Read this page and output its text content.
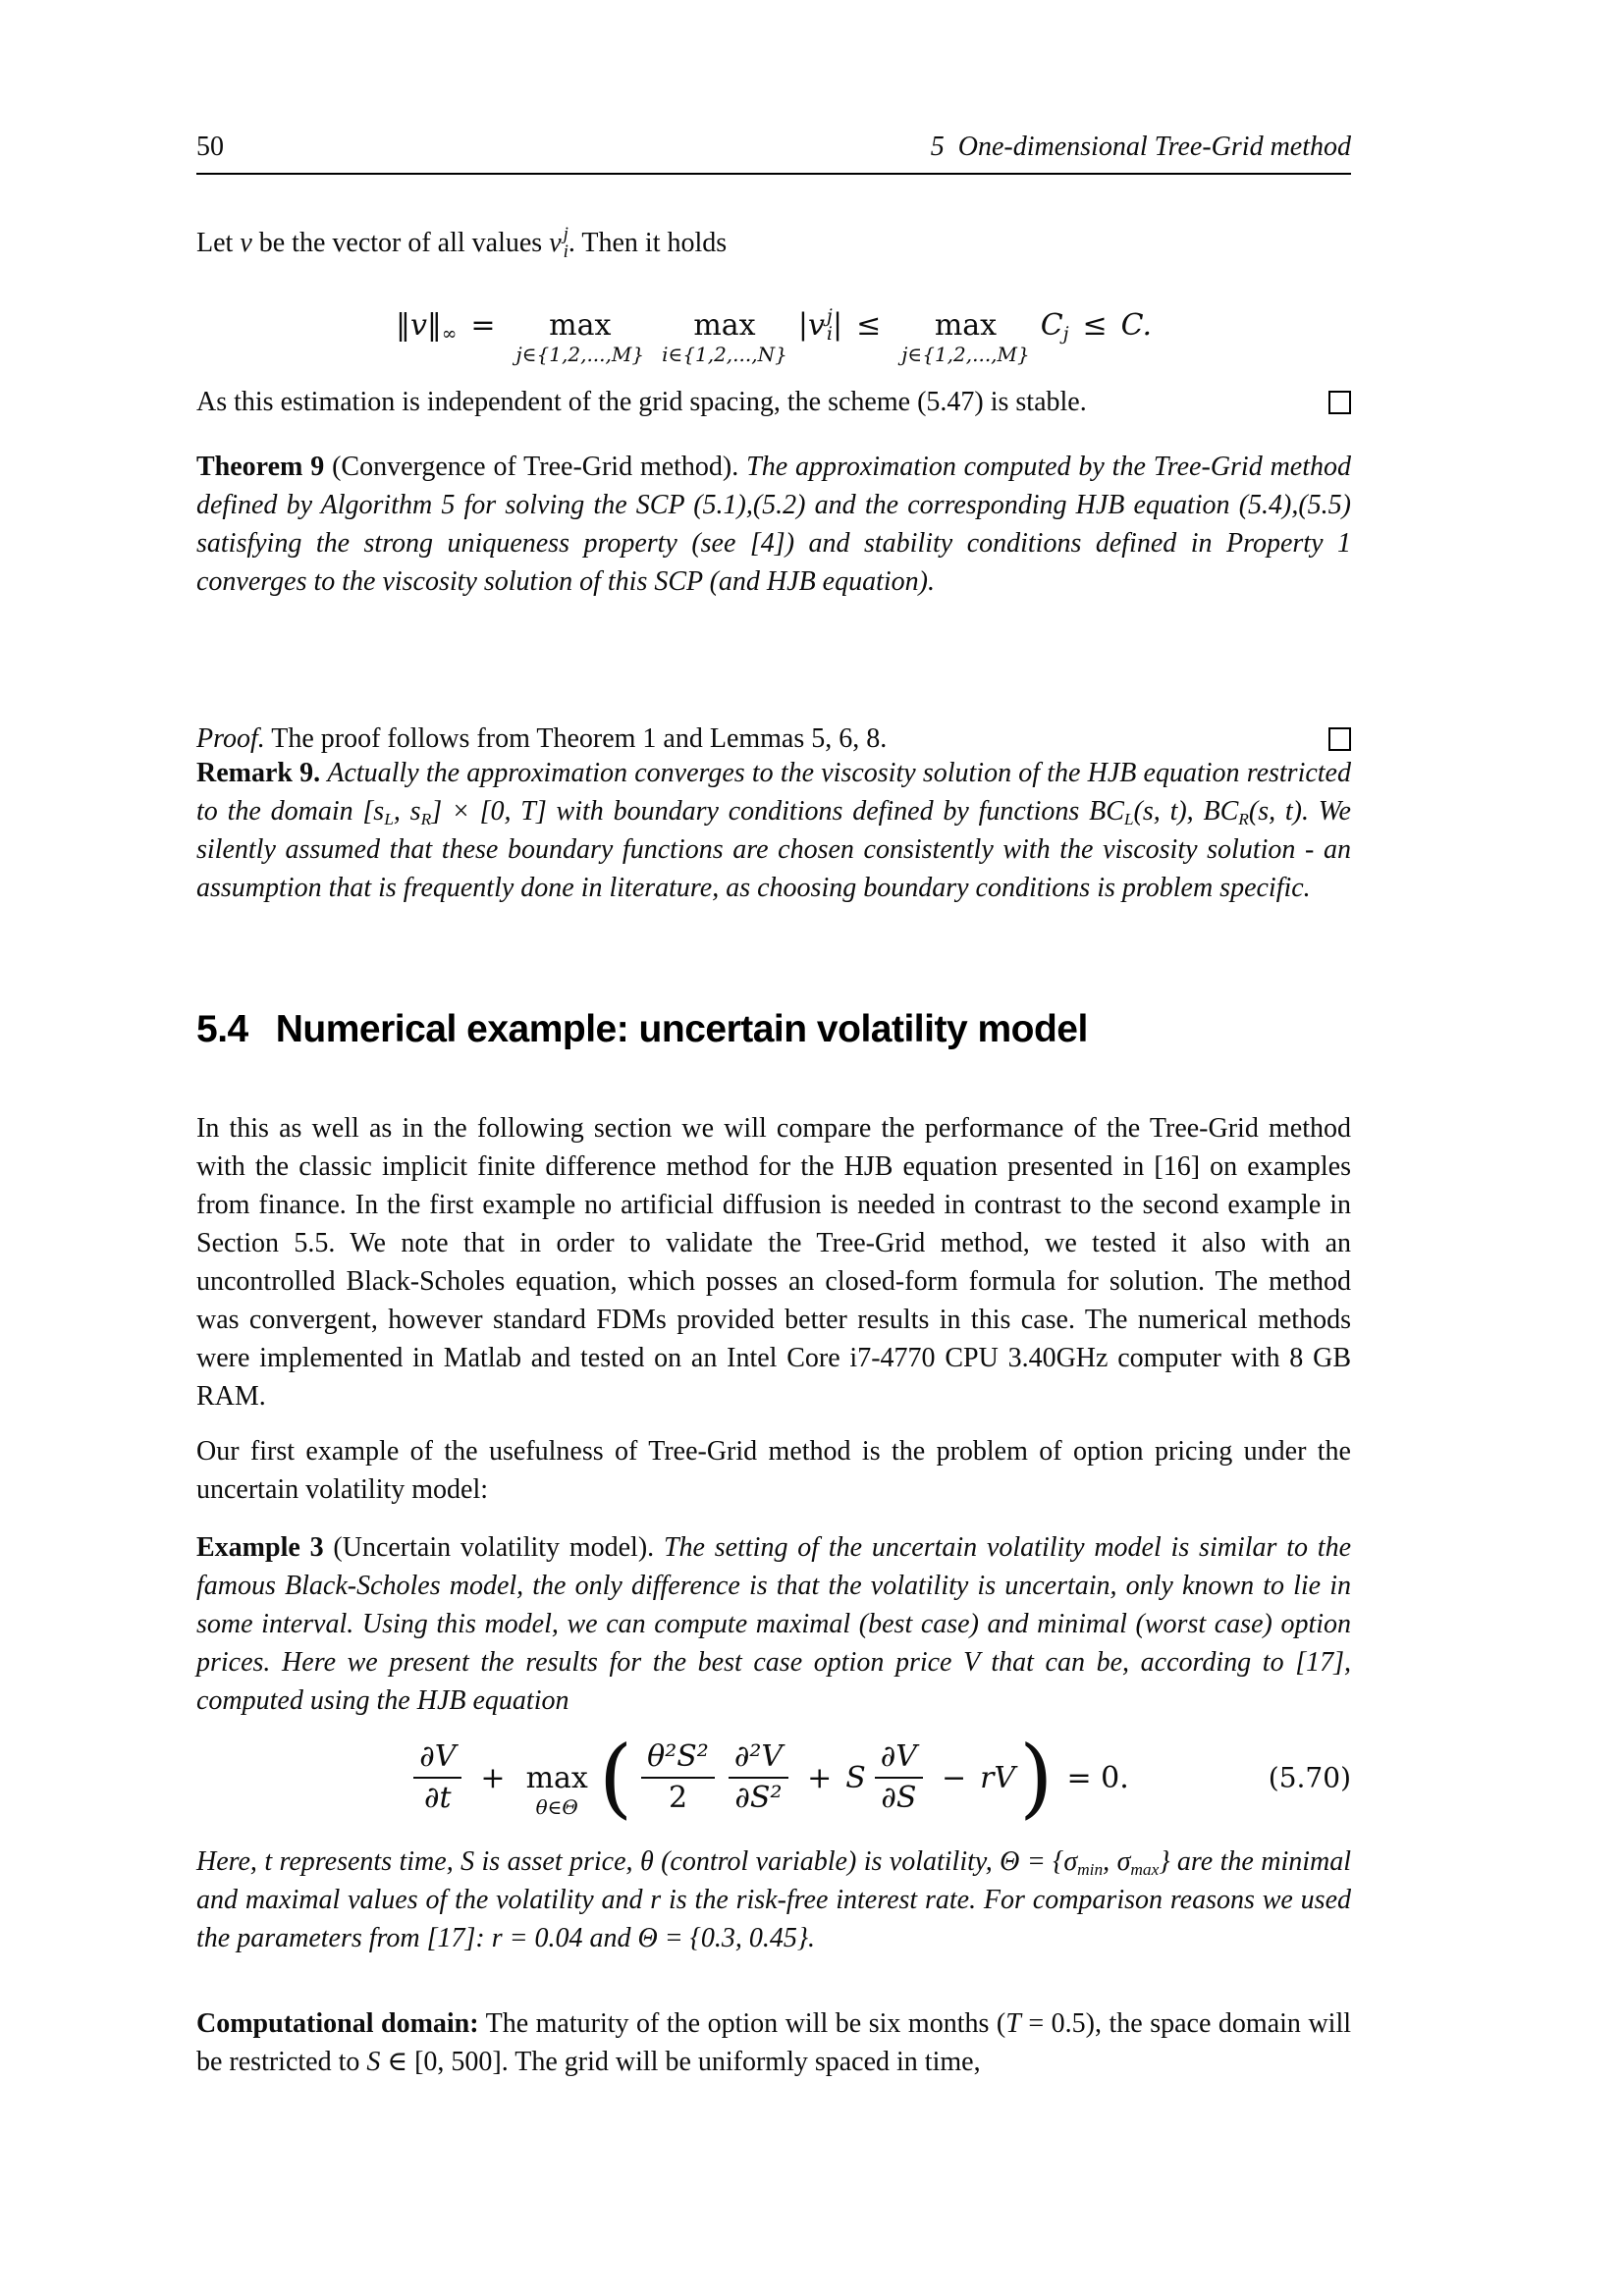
50	5 One-dimensional Tree-Grid method

Let v be the vector of all values v j
i . Then it holds

$‖v‖_\infty = \max$
j∈{1,2,...,M}
max
i∈{1,2,...,N}
| v j
i | ≤ max
j∈{1,2,...,M}
$C_j \le C$.

As this estimation is independent of the grid spacing, the scheme (5.47) is stable.

Theorem 9 (Convergence of Tree-Grid method). The approximation computed by the Tree-Grid method defined by Algorithm 5 for solving the SCP (5.1),(5.2) and the corresponding HJB equation (5.4),(5.5) satisfying the strong uniqueness property (see [4]) and stability conditions defined in Property 1 converges to the viscosity solution of this SCP (and HJB equation).

Proof. The proof follows from Theorem 1 and Lemmas 5, 6, 8.

Remark 9. Actually the approximation converges to the viscosity solution of the HJB equation restricted to the domain [$s_L$, $s_R] \times [0$, T] with boundary conditions defined by functions $BC_L(s$, t), $BC_R(s$, t). We silently assumed that these boundary functions are chosen consistently with the viscosity solution - an assumption that is frequently done in literature, as choosing boundary conditions is problem specific.

5.4 Numerical example: uncertain volatility model

In this as well as in the following section we will compare the performance of the Tree-Grid method with the classic implicit finite difference method for the HJB equation presented in [16] on examples from finance. In the first example no artificial diffusion is needed in contrast to the second example in Section 5.5. We note that in order to validate the Tree-Grid method, we tested it also with an uncontrolled Black-Scholes equation, which posses an closed-form formula for solution. The method was convergent, however standard FDMs provided better results in this case. The numerical methods were implemented in Matlab and tested on an Intel Core i7-4770 CPU 3.40GHz computer with 8 GB RAM.

Our first example of the usefulness of Tree-Grid method is the problem of option pricing under the uncertain volatility model:

Example 3 (Uncertain volatility model). The setting of the uncertain volatility model is similar to the famous Black-Scholes model, the only difference is that the volatility is uncertain, only known to lie in some interval. Using this model, we can compute maximal (best case) and minimal (worst case) option prices. Here we present the results for the best case option price V that can be, according to [17], computed using the HJB equation

$\frac{\partial V}{\partial t} + \max$
θ∈Θ ( $\frac{\text{θ²S²}}{2} \frac{\text{∂²V}}{\text{∂S²}} + S \frac{\partial V}{\partial S}$ − rV ) = 0.	(5.70)

Here, t represents time, S is asset price, θ (control variable) is volatility, $\Theta = \{\sigma_{min}$, $\sigma_{max}$} are the minimal and maximal values of the volatility and r is the risk-free interest rate. For comparison reasons we used the parameters from [17]: r = 0.04 and Θ = {0.3, 0.45}.

Computational domain: The maturity of the option will be six months (T = 0.5), the space domain will be restricted to S ∈ [0, 500]. The grid will be uniformly spaced in time,
